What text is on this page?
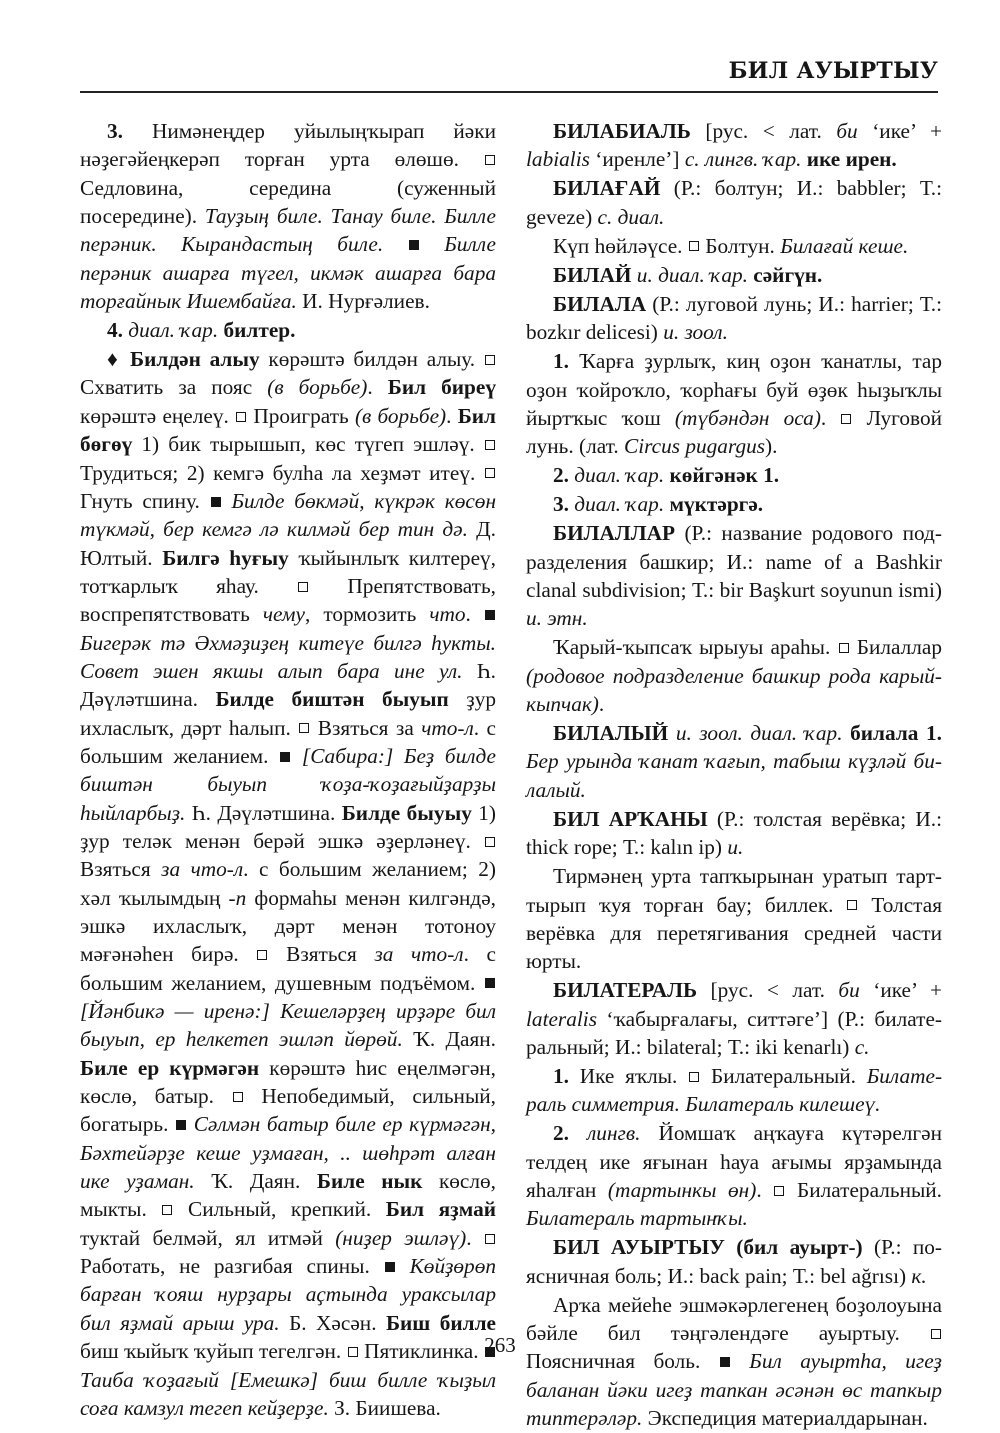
БИЛ АУЫРТЫУ

3. Нимәнеңдер уйылыңҡырап йәки нәҙегәйеңкерәп торған урта өлөшө.  Седловина, середина (суженный посередине). Тауҙың биле. Танау биле. Билле перәник. Кырандастың биле.  Билле перәник ашарға түгел, икмәк ашарға бара торғайнык Ишембайға. И. Нурғәлиев.

4. диал. ҡар. билтер.

♦ Билдән алыу көрәштә билдән алыу.  Схватить за пояс (в борьбе). Бил биреү көрәштә еңелеү.  Проиграть (в борьбе). Бил бөгөү 1) бик тырышып, көс түгеп эшләү.  Трудиться; 2) кемгә булһа ла хеҙмәт итеү.  Гнуть спину.  Билде бөкмәй, күкрәк көсөн түкмәй, бер кемгә лә килмәй бер тин дә. Д. Юлтый. Билгә һуғыу ҡыйынлыҡ килтереү, тотҡарлыҡ яһау.  Препятствовать, воспрепятствовать чему, тормозить что.  Бигерәк тә Әхмәҙиҙең китеүе билгә һукты. Совет эшен якшы алып бара ине ул. Һ. Дәүләтшина. Билде биштән быуып ҙур ихласлыҡ, дәрт һалып.  Взяться за что-л. с большим желанием.  [Сабира:] Беҙ билде биштән быуып ҡоҙа-ҡоҙағыйҙарҙы һыйларбыҙ. Һ. Дәүләтшина. Билде быуыу 1) ҙур теләк менән берәй эшкә әҙерләнеү.  Взяться за что-л. с большим желанием; 2) хәл ҡылымдың -п формаһы менән килгәндә, эшкә ихласлыҡ, дәрт менән тотоноу мәғәнәһен бирә.  Взяться за что-л. с большим желанием, душевным подъёмом.  [Йәнбикә — иренә:] Кешеләрҙең ирҙәре бил быуып, ер һелкетеп эшләп йөрөй. Ҡ. Даян. Биле ер күрмәгән көрәштә һис еңелмәгән, көслө, батыр.  Непобедимый, сильный, богатырь.  Сәлмән батыр биле ер күрмәгән, Бәхтейәрҙе кеше уҙмаған, .. шөһрәт алған ике уҙаман. Ҡ. Даян. Биле нык көслө, мыкты.  Сильный, крепкий. Бил яҙмай туктай белмәй, ял итмәй (ниҙер эшләү).  Работать, не разгибая спины.  Көйҙөрөп барған ҡояш нурҙары аҫтында ураксылар бил яҙмай арыш ура. Б. Хәсән. Биш билле биш ҡыйыҡ ҡуйып тегелгән.  Пятиклинка.  Таиба ҡоҙағый [Емешкә] биш билле ҡыҙыл соға камзул тегеп кейҙерҙе. З. Биишева.

БИЛАБИАЛЬ [рус. < лат. би ‘ике’ + labialis ‘иренле’] с. лингв. ҡар. ике ирен.

БИЛАҒАЙ (Р.: болтун; И.: babbler; Т.: geveze) с. диал.

Күп һөйләүсе.  Болтун. Билағай кеше.

БИЛАЙ и. диал. ҡар. сәйгүн.

БИЛАЛА (Р.: луговой лунь; И.: harrier; Т.: bozkır delicesi) и. зоол.

1. Ҡарға ҙурлыҡ, киң оҙон ҡанатлы, тар оҙон ҡойроҡло, ҡорһағы буй өҙөк һыҙыҡлы йыртҡыс ҡош (түбәндән оса).  Луговой лунь. (лат. Circus pugargus).

2. диал. ҡар. көйгәнәк 1.

3. диал. ҡар. мүктәргә.

БИЛАЛЛАР (Р.: название родового подразделения башкир; И.: name of a Bashkir clanal subdivision; Т.: bir Başkurt soyunun ismi) и. этн.

Ҡарый-ҡыпсаҡ ырыуы араһы.  Билаллар (родовое подразделение башкир рода карый-кыпчак).

БИЛАЛЫЙ и. зоол. диал. ҡар. билала 1. Бер урында ҡанат ҡағып, табыш күҙләй билалый.

БИЛ АРҠАНЫ (Р.: толстая верёвка; И.: thick rope; Т.: kalın ip) и.

Тирмәнең урта тапҡырынан уратып тарттырып ҡуя торған бау; биллек.  Толстая верёвка для перетягивания средней части юрты.

БИЛАТЕРАЛЬ [рус. < лат. би ‘ике’ + lateralis ‘ҡабырғалағы, ситтәге’] (Р.: билатеральный; И.: bilateral; Т.: iki kenarlı) с.

1. Ике яҡлы.  Билатеральный. Билатераль симметрия. Билатераль килешеү.

2. лингв. Йомшаҡ аңҡауға күтәрелгән телдең ике яғынан һауа ағымы ярҙамында яһалған (тартынкы өн).  Билатеральный. Билатераль тартынҡы.

БИЛ АУЫРТЫУ (бил ауырт-) (Р.: поясничная боль; И.: back pain; Т.: bel ağrısı) к.

Арҡа мейеһе эшмәкәрлегенең боҙолоуына бәйле бил тәңгәлендәге ауыртыу.  Поясничная боль.  Бил ауыртһа, игеҙ баланан йәки игеҙ тапкан әсәнән өс тапкыр типтерәләр. Экспедиция материалдарынан.

263
